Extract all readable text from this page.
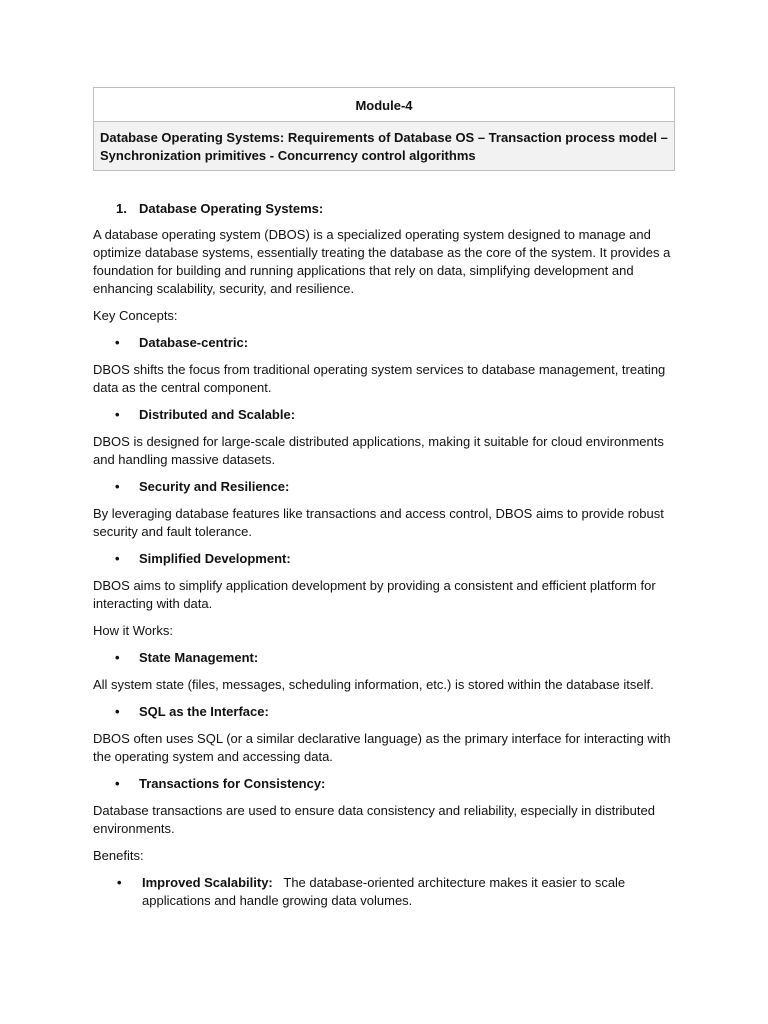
Module-4
Database Operating Systems: Requirements of Database OS – Transaction process model – Synchronization primitives - Concurrency control algorithms
1. Database Operating Systems:

A database operating system (DBOS) is a specialized operating system designed to manage and optimize database systems, essentially treating the database as the core of the system. It provides a foundation for building and running applications that rely on data, simplifying development and enhancing scalability, security, and resilience.

Key Concepts:

•	Database-centric:

DBOS shifts the focus from traditional operating system services to database management, treating data as the central component.

•	Distributed and Scalable:

DBOS is designed for large-scale distributed applications, making it suitable for cloud environments and handling massive datasets.

•	Security and Resilience:

By leveraging database features like transactions and access control, DBOS aims to provide robust security and fault tolerance.

•	Simplified Development:

DBOS aims to simplify application development by providing a consistent and efficient platform for interacting with data.

How it Works:

•	State Management:

All system state (files, messages, scheduling information, etc.) is stored within the database itself.

•	SQL as the Interface:

DBOS often uses SQL (or a similar declarative language) as the primary interface for interacting with the operating system and accessing data.

•	Transactions for Consistency:

Database transactions are used to ensure data consistency and reliability, especially in distributed environments.

Benefits:

•	Improved Scalability: The database-oriented architecture makes it easier to scale applications and handle growing data volumes.
